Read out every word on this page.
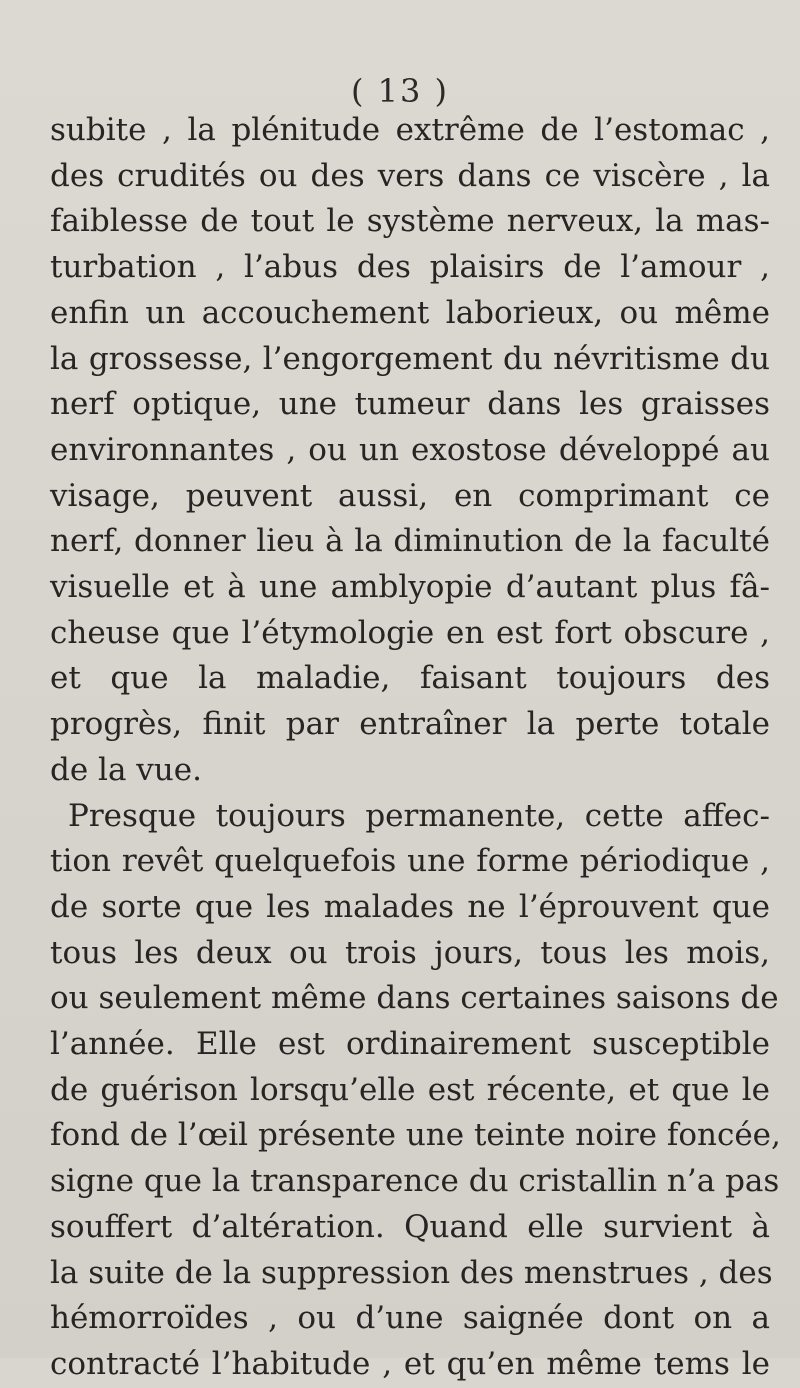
( 13 )
subite , la plénitude extrême de l’estomac ,
des crudités ou des vers dans ce viscère , la
faiblesse de tout le système nerveux, la mas-
turbation , l’abus des plaisirs de l’amour ,
enfin un accouchement laborieux, ou même
la grossesse, l’engorgement du névritisme du
nerf optique, une tumeur dans les graisses
environnantes , ou un exostose développé au
visage, peuvent aussi, en comprimant ce
nerf, donner lieu à la diminution de la faculté
visuelle et à une amblyopie d’autant plus fâ-
cheuse que l’étymologie en est fort obscure ,
et que la maladie, faisant toujours des
progrès, finit par entraîner la perte totale
de la vue.
Presque toujours permanente, cette affec-
tion revêt quelquefois une forme périodique ,
de sorte que les malades ne l’éprouvent que
tous les deux ou trois jours, tous les mois,
ou seulement même dans certaines saisons de
l’année. Elle est ordinairement susceptible
de guérison lorsqu’elle est récente, et que le
fond de l’œil présente une teinte noire foncée,
signe que la transparence du cristallin n’a pas
souffert d’altération. Quand elle survient à
la suite de la suppression des menstrues , des
hémorroïdes , ou d’une saignée dont on a
contracté l’habitude , et qu’en même tems le
